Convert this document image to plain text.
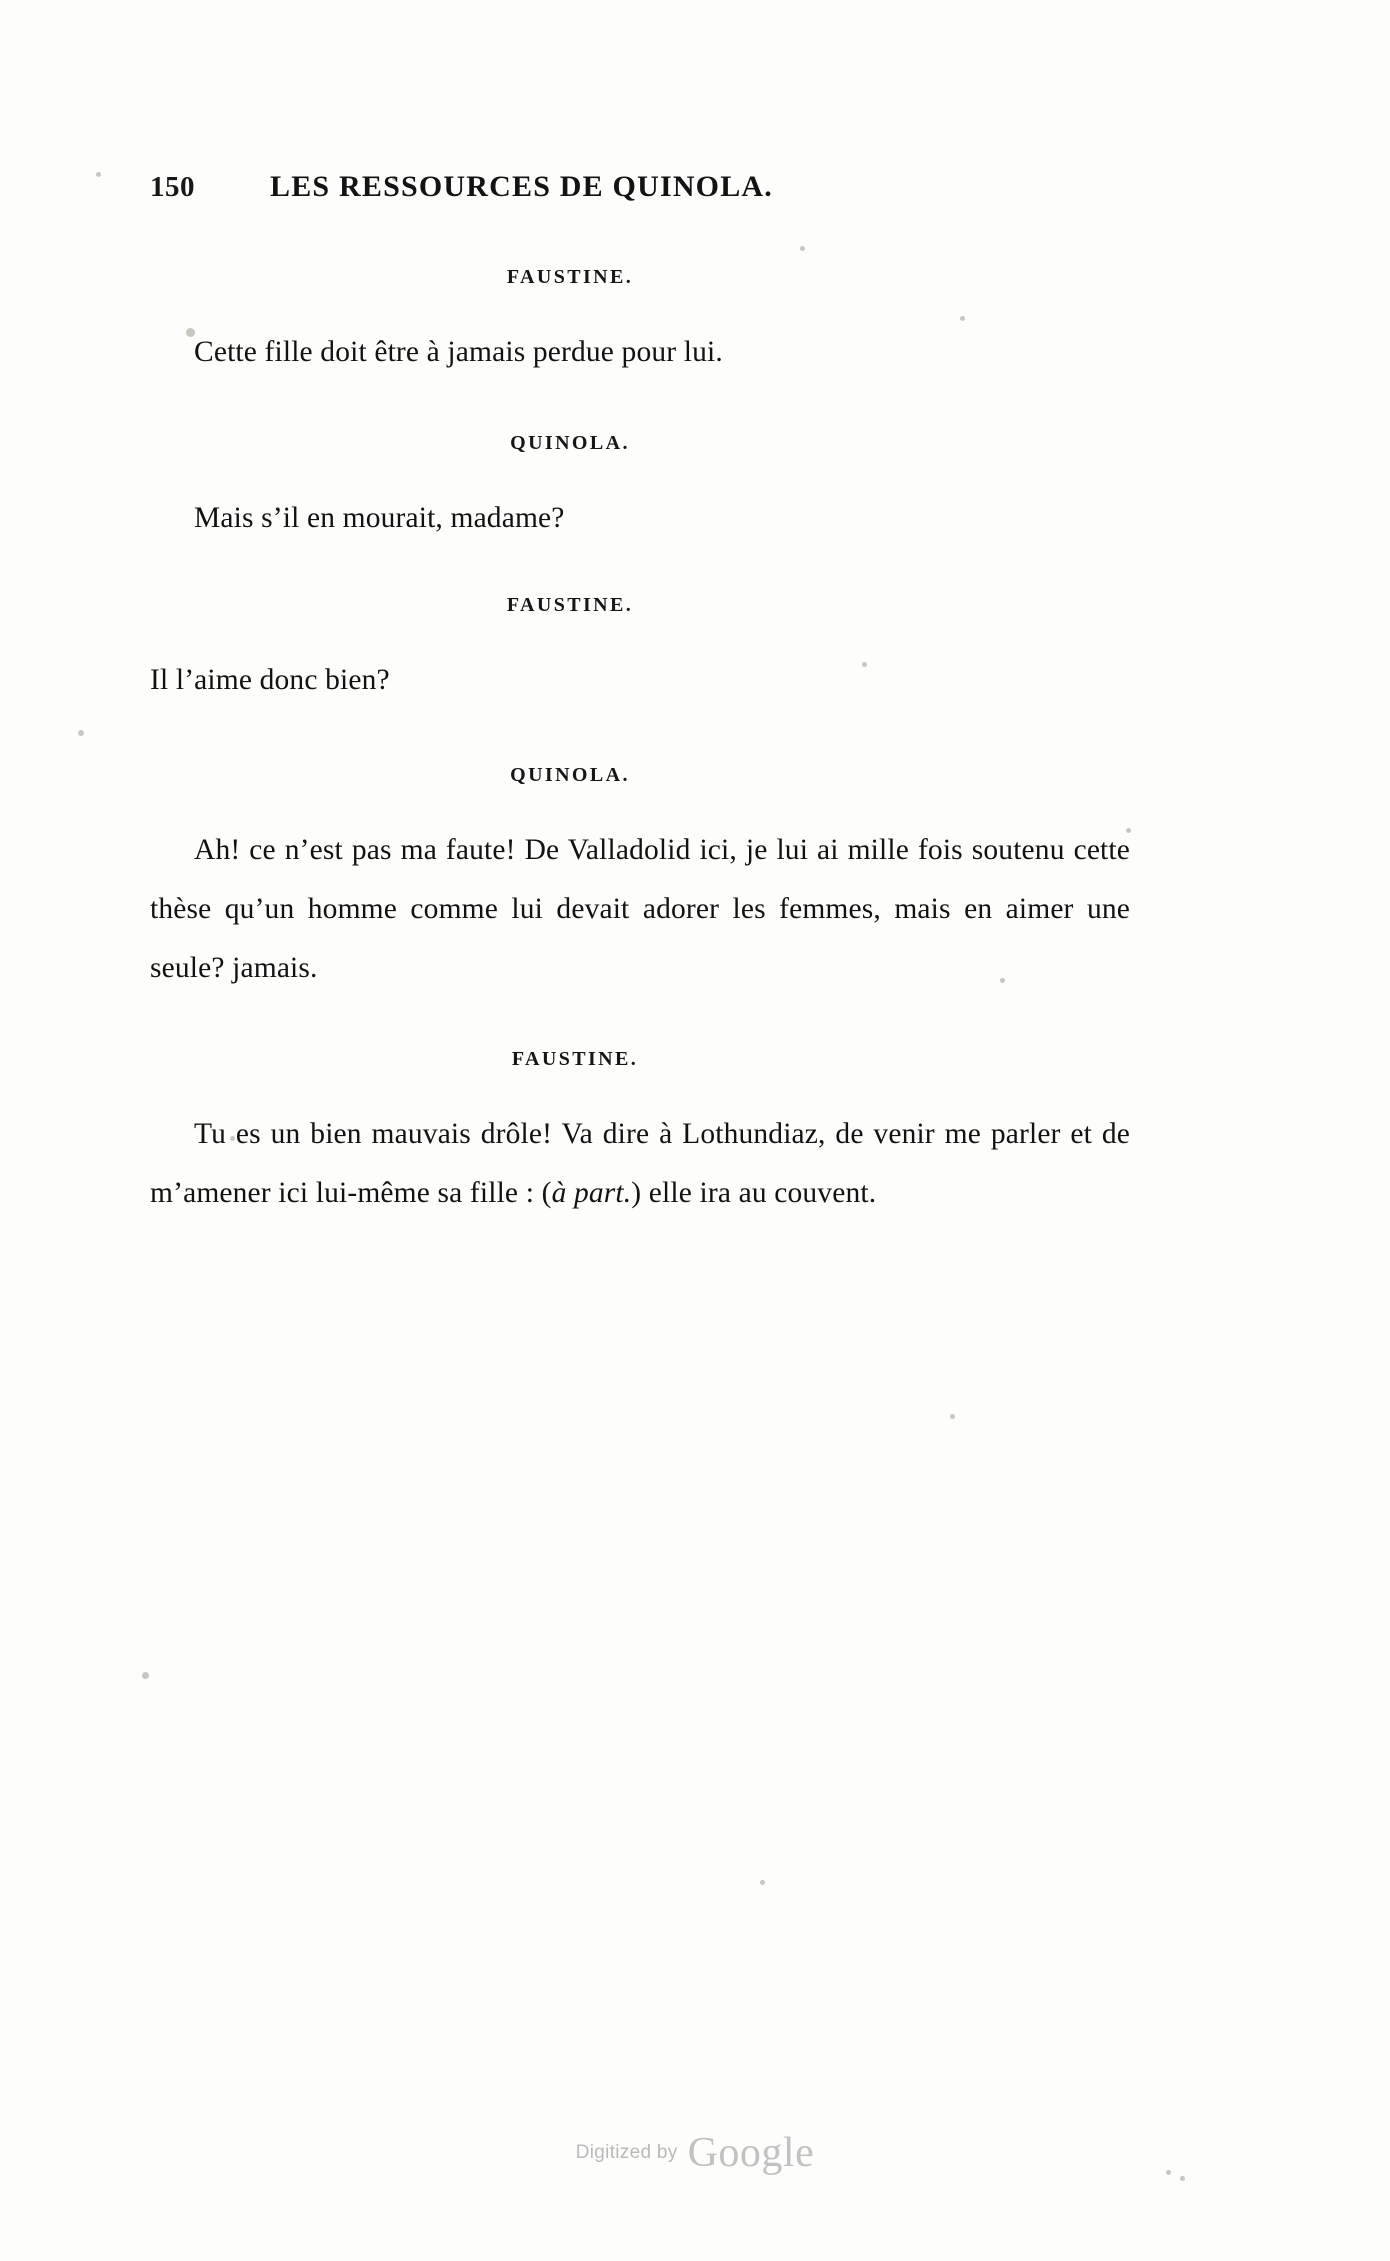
150	LES RESSOURCES DE QUINOLA.
FAUSTINE.

Cette fille doit être à jamais perdue pour lui.

QUINOLA.

Mais s’il en mourait, madame?

FAUSTINE.

Il l’aime donc bien?

QUINOLA.

Ah! ce n’est pas ma faute! De Valladolid ici, je lui ai mille fois soutenu cette thèse qu’un homme comme lui devait adorer les femmes, mais en aimer une seule? jamais.

FAUSTINE.

Tu es un bien mauvais drôle! Va dire à Lothundiaz, de venir me parler et de m’amener ici lui-même sa fille : (à part.) elle ira au couvent.

Digitized by Google
